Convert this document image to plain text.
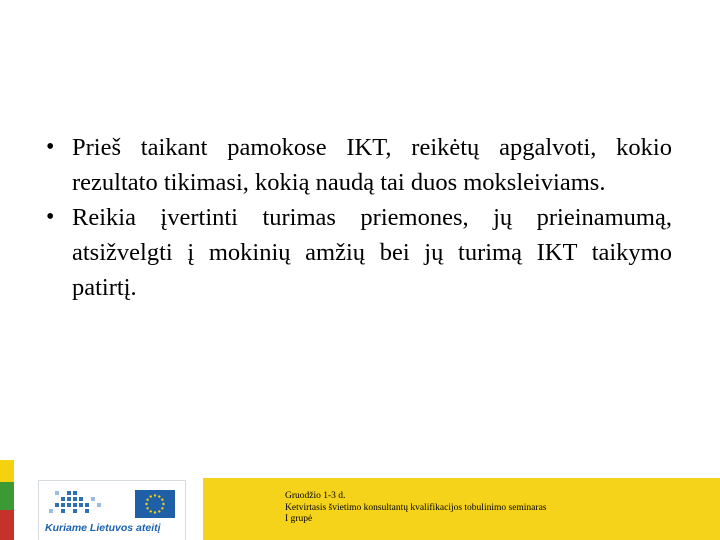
• Prieš taikant pamokose IKT, reikėtų apgalvoti, kokio rezultato tikimasi, kokią naudą tai duos moksleiviams.
• Reikia įvertinti turimas priemones, jų prieinamumą, atsižvelgti į mokinių amžių bei jų turimą IKT taikymo patirtį.
Kuriame Lietuvos ateitį
Gruodžio 1-3 d.
Ketvirtasis švietimo konsultantų kvalifikacijos tobulinimo seminaras
I grupė
